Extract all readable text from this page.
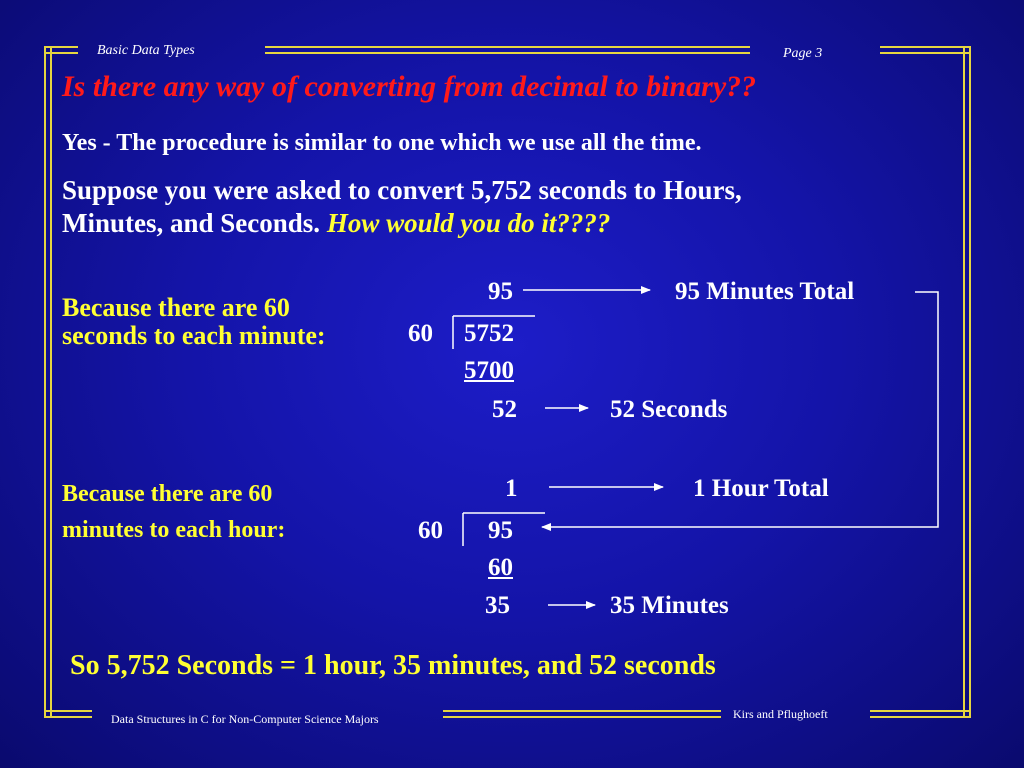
Basic Data Types	Page 3
Is there any way of converting from decimal to binary??
Yes - The procedure is similar to one which we use all the time.
Suppose you were asked to convert 5,752 seconds to Hours,
Minutes, and Seconds. How would you do it????
Because there are 60
seconds to each minute:
95
60 5752
5700
52
95 Minutes Total
52 Seconds
Because there are 60
minutes to each hour:
1
60 95
60
35
1 Hour Total
35 Minutes
So 5,752 Seconds = 1 hour, 35 minutes, and 52 seconds
Data Structures in C for Non-Computer Science Majors	Kirs and Pflughoeft
